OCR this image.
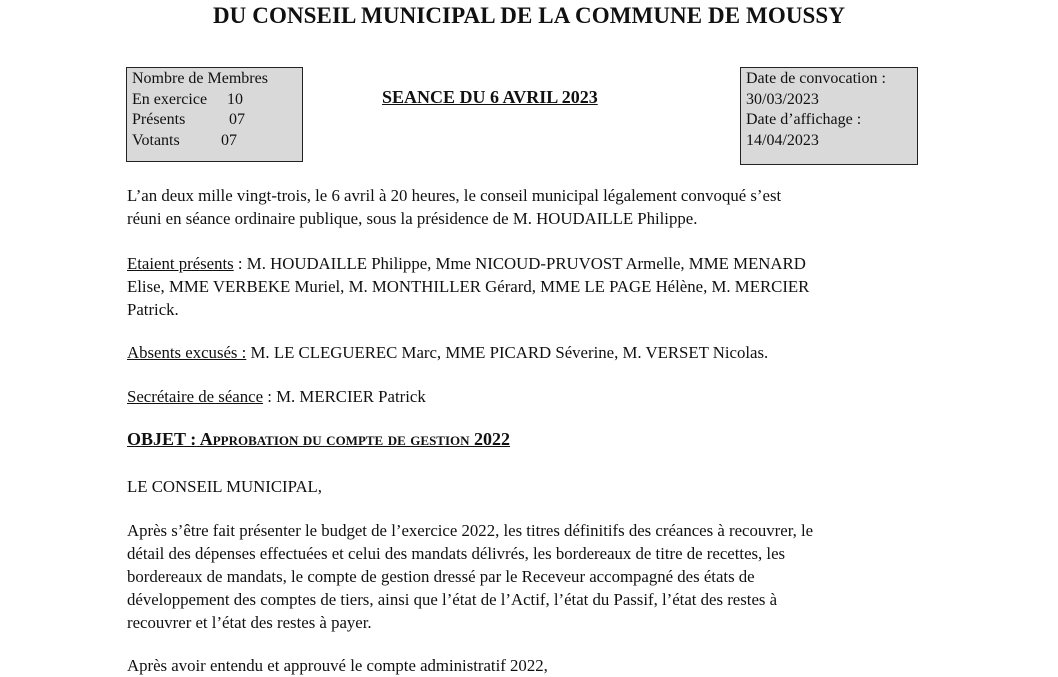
DU CONSEIL MUNICIPAL DE LA COMMUNE DE MOUSSY
Nombre de Membres
En exercice	10
Présents	07
Votants	07
SEANCE DU 6 AVRIL 2023
Date de convocation :
30/03/2023
Date d’affichage :
14/04/2023
L’an deux mille vingt-trois, le 6 avril à 20 heures, le conseil municipal légalement convoqué s’est
réuni en séance ordinaire publique, sous la présidence de M. HOUDAILLE Philippe.
Etaient présents : M. HOUDAILLE Philippe, Mme NICOUD-PRUVOST Armelle, MME MENARD
Elise, MME VERBEKE Muriel, M. MONTHILLER Gérard, MME LE PAGE Hélène, M. MERCIER
Patrick.
Absents excusés : M. LE CLEGUEREC Marc, MME PICARD Séverine, M. VERSET Nicolas.
Secrétaire de séance : M. MERCIER Patrick
OBJET : Approbation du compte de gestion 2022
LE CONSEIL MUNICIPAL,
Après s’être fait présenter le budget de l’exercice 2022, les titres définitifs des créances à recouvrer, le
détail des dépenses effectuées et celui des mandats délivrés, les bordereaux de titre de recettes, les
bordereaux de mandats, le compte de gestion dressé par le Receveur accompagné des états de
développement des comptes de tiers, ainsi que l’état de l’Actif, l’état du Passif, l’état des restes à
recouvrer et l’état des restes à payer.
Après avoir entendu et approuvé le compte administratif 2022,
